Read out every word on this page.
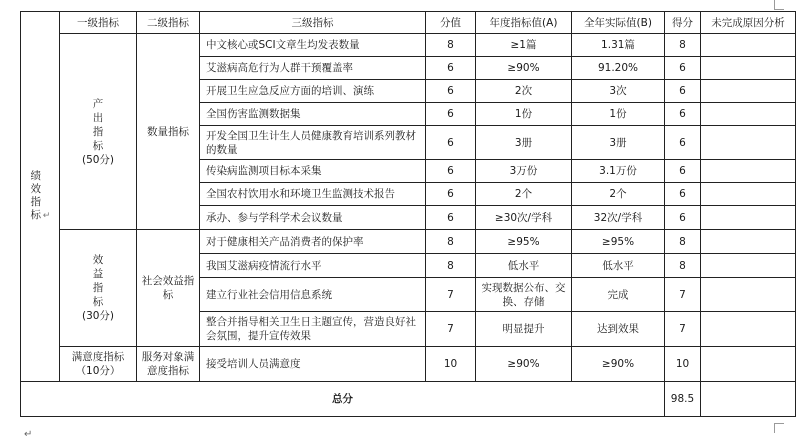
绩效指标 ↵	一级指标	二级指标	三级指标	分值	年度指标值(A)	全年实际值(B)	得分	未完成原因分析

	产
出
指
标
(50分)	数量指标	中文核心或SCI文章生均发表数量	8	≥1篇	1.31篇	8	
			艾滋病高危行为人群干预覆盖率	6	≥90%	91.20%	6	
			开展卫生应急反应方面的培训、演练	6	2次	3次	6	
			全国伤害监测数据集	6	1份	1份	6	
			开发全国卫生计生人员健康教育培训系列教材的数量	6	3册	3册	6	
			传染病监测项目标本采集	6	3万份	3.1万份	6	
			全国农村饮用水和环境卫生监测技术报告	6	2个	2个	6	
			承办、参与学科学术会议数量	6	≥30次/学科	32次/学科	6	

	效
益
指
标
(30分)	社会效益指标	对于健康相关产品消费者的保护率	8	≥95%	≥95%	8	
			我国艾滋病疫情流行水平	8	低水平	低水平	8	
			建立行业社会信用信息系统	7	实现数据公布、交换、存储	完成	7	
			整合并指导相关卫生日主题宣传，营造良好社会氛围，提升宣传效果	7	明显提升	达到效果	7	
	满意度指标（10分）	服务对象满意度指标	接受培训人员满意度	10	≥90%	≥90%	10	
总分							98.5	
↵
